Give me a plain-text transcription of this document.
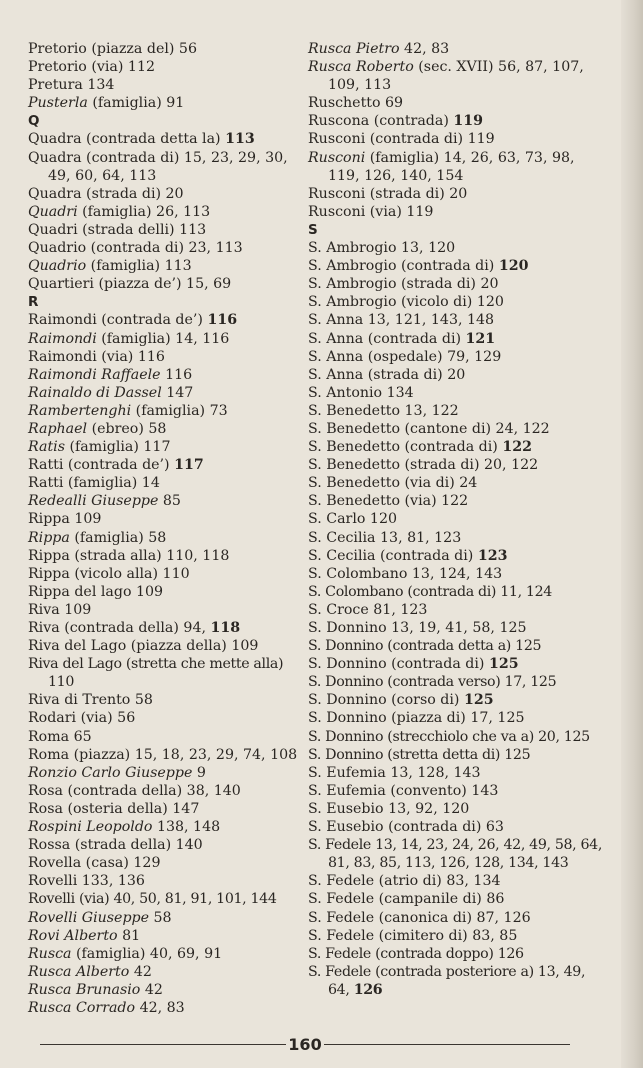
Pretorio (piazza del) 56
Pretorio (via) 112
Pretura 134
Pusterla (famiglia) 91
Q
Quadra (contrada detta la) 113
Quadra (contrada di) 15, 23, 29, 30, 49, 60, 64, 113
Quadra (strada di) 20
Quadri (famiglia) 26, 113
Quadri (strada delli) 113
Quadrio (contrada di) 23, 113
Quadrio (famiglia) 113
Quartieri (piazza de’) 15, 69
R
Raimondi (contrada de’) 116
Raimondi (famiglia) 14, 116
Raimondi (via) 116
Raimondi Raffaele 116
Rainaldo di Dassel 147
Rambertenghi (famiglia) 73
Raphael (ebreo) 58
Ratis (famiglia) 117
Ratti (contrada de’) 117
Ratti (famiglia) 14
Redealli Giuseppe 85
Rippa 109
Rippa (famiglia) 58
Rippa (strada alla) 110, 118
Rippa (vicolo alla) 110
Rippa del lago 109
Riva 109
Riva (contrada della) 94, 118
Riva del Lago (piazza della) 109
Riva del Lago (stretta che mette alla) 110
Riva di Trento 58
Rodari (via) 56
Roma 65
Roma (piazza) 15, 18, 23, 29, 74, 108
Ronzio Carlo Giuseppe 9
Rosa (contrada della) 38, 140
Rosa (osteria della) 147
Rospini Leopoldo 138, 148
Rossa (strada della) 140
Rovella (casa) 129
Rovelli 133, 136
Rovelli (via) 40, 50, 81, 91, 101, 144
Rovelli Giuseppe 58
Rovi Alberto 81
Rusca (famiglia) 40, 69, 91
Rusca Alberto 42
Rusca Brunasio 42
Rusca Corrado 42, 83
Rusca Pietro 42, 83
Rusca Roberto (sec. XVII) 56, 87, 107, 109, 113
Ruschetto 69
Ruscona (contrada) 119
Rusconi (contrada di) 119
Rusconi (famiglia) 14, 26, 63, 73, 98, 119, 126, 140, 154
Rusconi (strada di) 20
Rusconi (via) 119
S
S. Ambrogio 13, 120
S. Ambrogio (contrada di) 120
S. Ambrogio (strada di) 20
S. Ambrogio (vicolo di) 120
S. Anna 13, 121, 143, 148
S. Anna (contrada di) 121
S. Anna (ospedale) 79, 129
S. Anna (strada di) 20
S. Antonio 134
S. Benedetto 13, 122
S. Benedetto (cantone di) 24, 122
S. Benedetto (contrada di) 122
S. Benedetto (strada di) 20, 122
S. Benedetto (via di) 24
S. Benedetto (via) 122
S. Carlo 120
S. Cecilia 13, 81, 123
S. Cecilia (contrada di) 123
S. Colombano 13, 124, 143
S. Colombano (contrada di) 11, 124
S. Croce 81, 123
S. Donnino 13, 19, 41, 58, 125
S. Donnino (contrada detta a) 125
S. Donnino (contrada di) 125
S. Donnino (contrada verso) 17, 125
S. Donnino (corso di) 125
S. Donnino (piazza di) 17, 125
S. Donnino (strecchiolo che va a) 20, 125
S. Donnino (stretta detta di) 125
S. Eufemia 13, 128, 143
S. Eufemia (convento) 143
S. Eusebio 13, 92, 120
S. Eusebio (contrada di) 63
S. Fedele 13, 14, 23, 24, 26, 42, 49, 58, 64, 81, 83, 85, 113, 126, 128, 134, 143
S. Fedele (atrio di) 83, 134
S. Fedele (campanile di) 86
S. Fedele (canonica di) 87, 126
S. Fedele (cimitero di) 83, 85
S. Fedele (contrada doppo) 126
S. Fedele (contrada posteriore a) 13, 49, 64, 126
160
